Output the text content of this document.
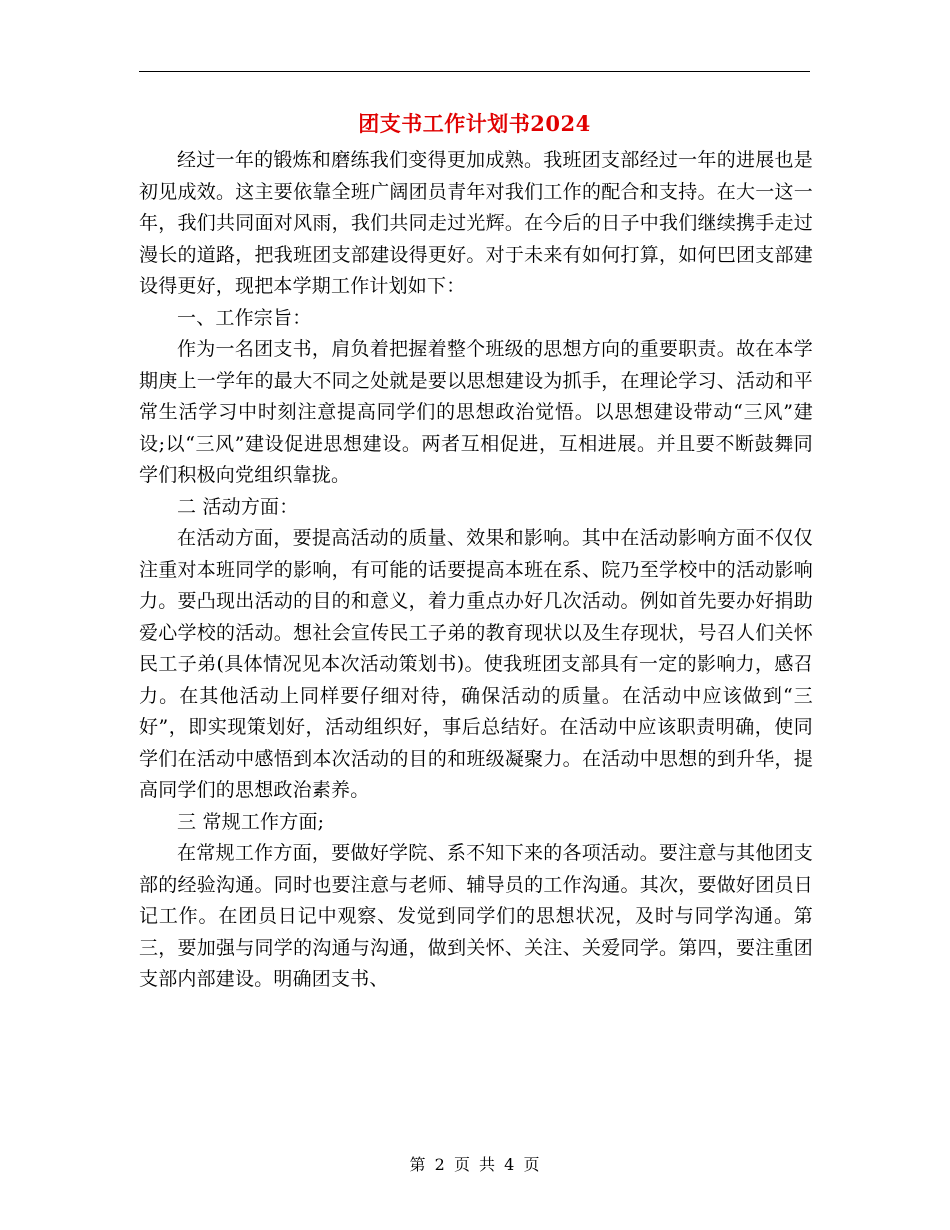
团支书工作计划书2024

经过一年的锻炼和磨练我们变得更加成熟。我班团支部经过一年的进展也是初见成效。这主要依靠全班广阔团员青年对我们工作的配合和支持。在大一这一年，我们共同面对风雨，我们共同走过光辉。在今后的日子中我们继续携手走过漫长的道路，把我班团支部建设得更好。对于未来有如何打算，如何巴团支部建设得更好，现把本学期工作计划如下：

一、工作宗旨：

作为一名团支书，肩负着把握着整个班级的思想方向的重要职责。故在本学期庚上一学年的最大不同之处就是要以思想建设为抓手，在理论学习、活动和平常生活学习中时刻注意提高同学们的思想政治觉悟。以思想建设带动“三风”建设;以“三风”建设促进思想建设。两者互相促进，互相进展。并且要不断鼓舞同学们积极向党组织靠拢。

二 活动方面：

在活动方面，要提高活动的质量、效果和影响。其中在活动影响方面不仅仅注重对本班同学的影响，有可能的话要提高本班在系、院乃至学校中的活动影响力。要凸现出活动的目的和意义，着力重点办好几次活动。例如首先要办好捐助爱心学校的活动。想社会宣传民工子弟的教育现状以及生存现状，号召人们关怀民工子弟(具体情况见本次活动策划书)。使我班团支部具有一定的影响力，感召力。在其他活动上同样要仔细对待，确保活动的质量。在活动中应该做到“三好”，即实现策划好，活动组织好，事后总结好。在活动中应该职责明确，使同学们在活动中感悟到本次活动的目的和班级凝聚力。在活动中思想的到升华，提高同学们的思想政治素养。

三 常规工作方面;

在常规工作方面，要做好学院、系不知下来的各项活动。要注意与其他团支部的经验沟通。同时也要注意与老师、辅导员的工作沟通。其次，要做好团员日记工作。在团员日记中观察、发觉到同学们的思想状况，及时与同学沟通。第三，要加强与同学的沟通与沟通，做到关怀、关注、关爱同学。第四，要注重团支部内部建设。明确团支书、

第 2 页 共 4 页
